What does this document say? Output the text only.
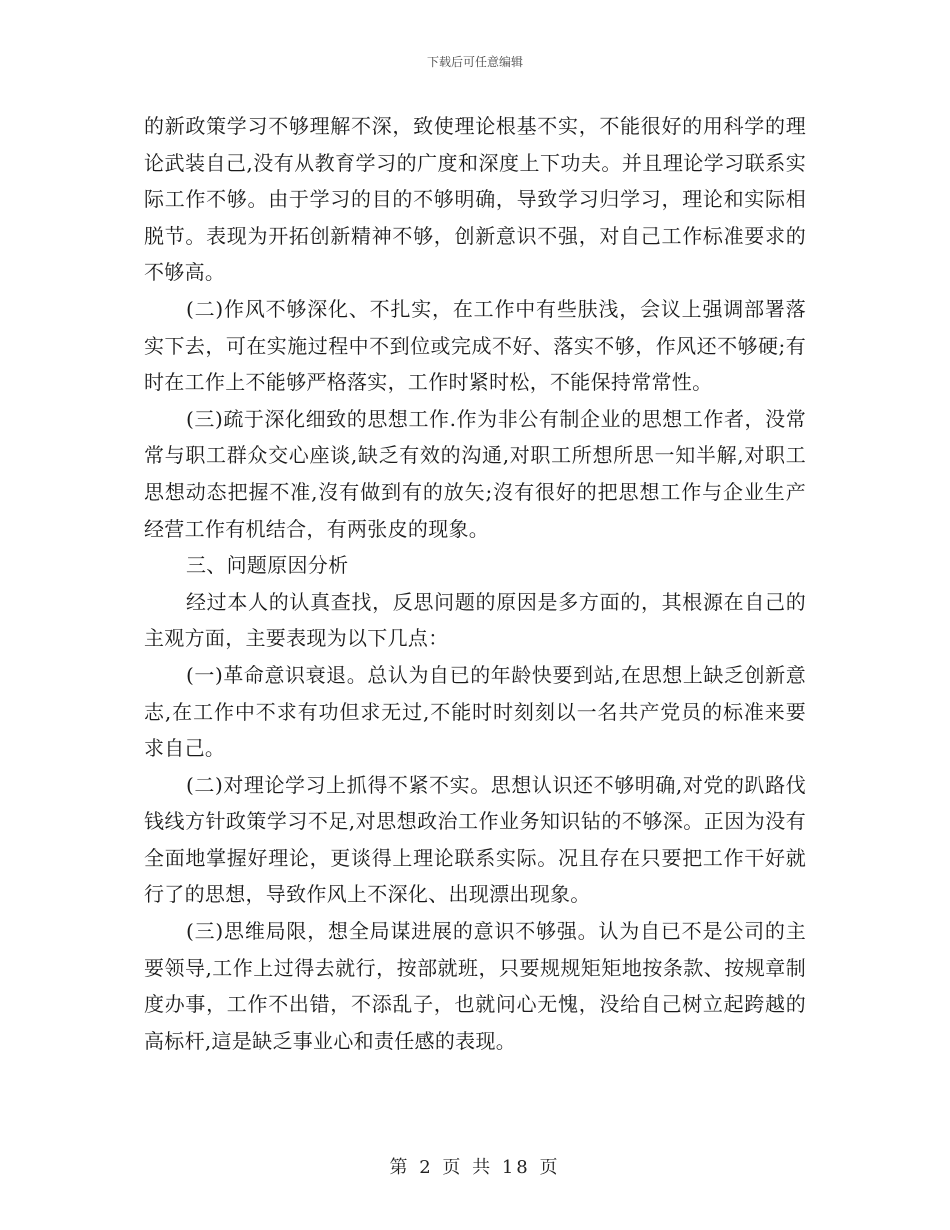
下载后可任意编辑

的新政策学习不够理解不深，致使理论根基不实，不能很好的用科学的理论武装自己,没有从教育学习的广度和深度上下功夫。并且理论学习联系实际工作不够。由于学习的目的不够明确，导致学习归学习，理论和实际相脱节。表现为开拓创新精神不够，创新意识不强，对自己工作标准要求的不够高。

(二)作风不够深化、不扎实，在工作中有些肤浅，会议上强调部署落实下去，可在实施过程中不到位或完成不好、落实不够，作风还不够硬;有时在工作上不能够严格落实，工作时紧时松，不能保持常常性。

(三)疏于深化细致的思想工作.作为非公有制企业的思想工作者，没常常与职工群众交心座谈,缺乏有效的沟通,对职工所想所思一知半解,对职工思想动态把握不准,沒有做到有的放矢;沒有很好的把思想工作与企业生产经营工作有机结合，有两张皮的现象。

三、问题原因分析

经过本人的认真查找，反思问题的原因是多方面的，其根源在自己的主观方面，主要表现为以下几点：

(一)革命意识衰退。总认为自已的年龄快要到站,在思想上缺乏创新意志,在工作中不求有功但求无过,不能时时刻刻以一名共产党员的标准来要求自己。

(二)对理论学习上抓得不紧不实。思想认识还不够明确,对党的趴路伐钱线方针政策学习不足,对思想政治工作业务知识钻的不够深。正因为没有全面地掌握好理论，更谈得上理论联系实际。况且存在只要把工作干好就行了的思想，导致作风上不深化、出现漂出现象。

(三)思维局限，想全局谋进展的意识不够强。认为自已不是公司的主要领导,工作上过得去就行，按部就班，只要规规矩矩地按条款、按规章制度办事，工作不出错，不添乱子，也就问心无愧，没给自己树立起跨越的高标杆,這是缺乏事业心和责任感的表现。

第 2 页 共 18 页
